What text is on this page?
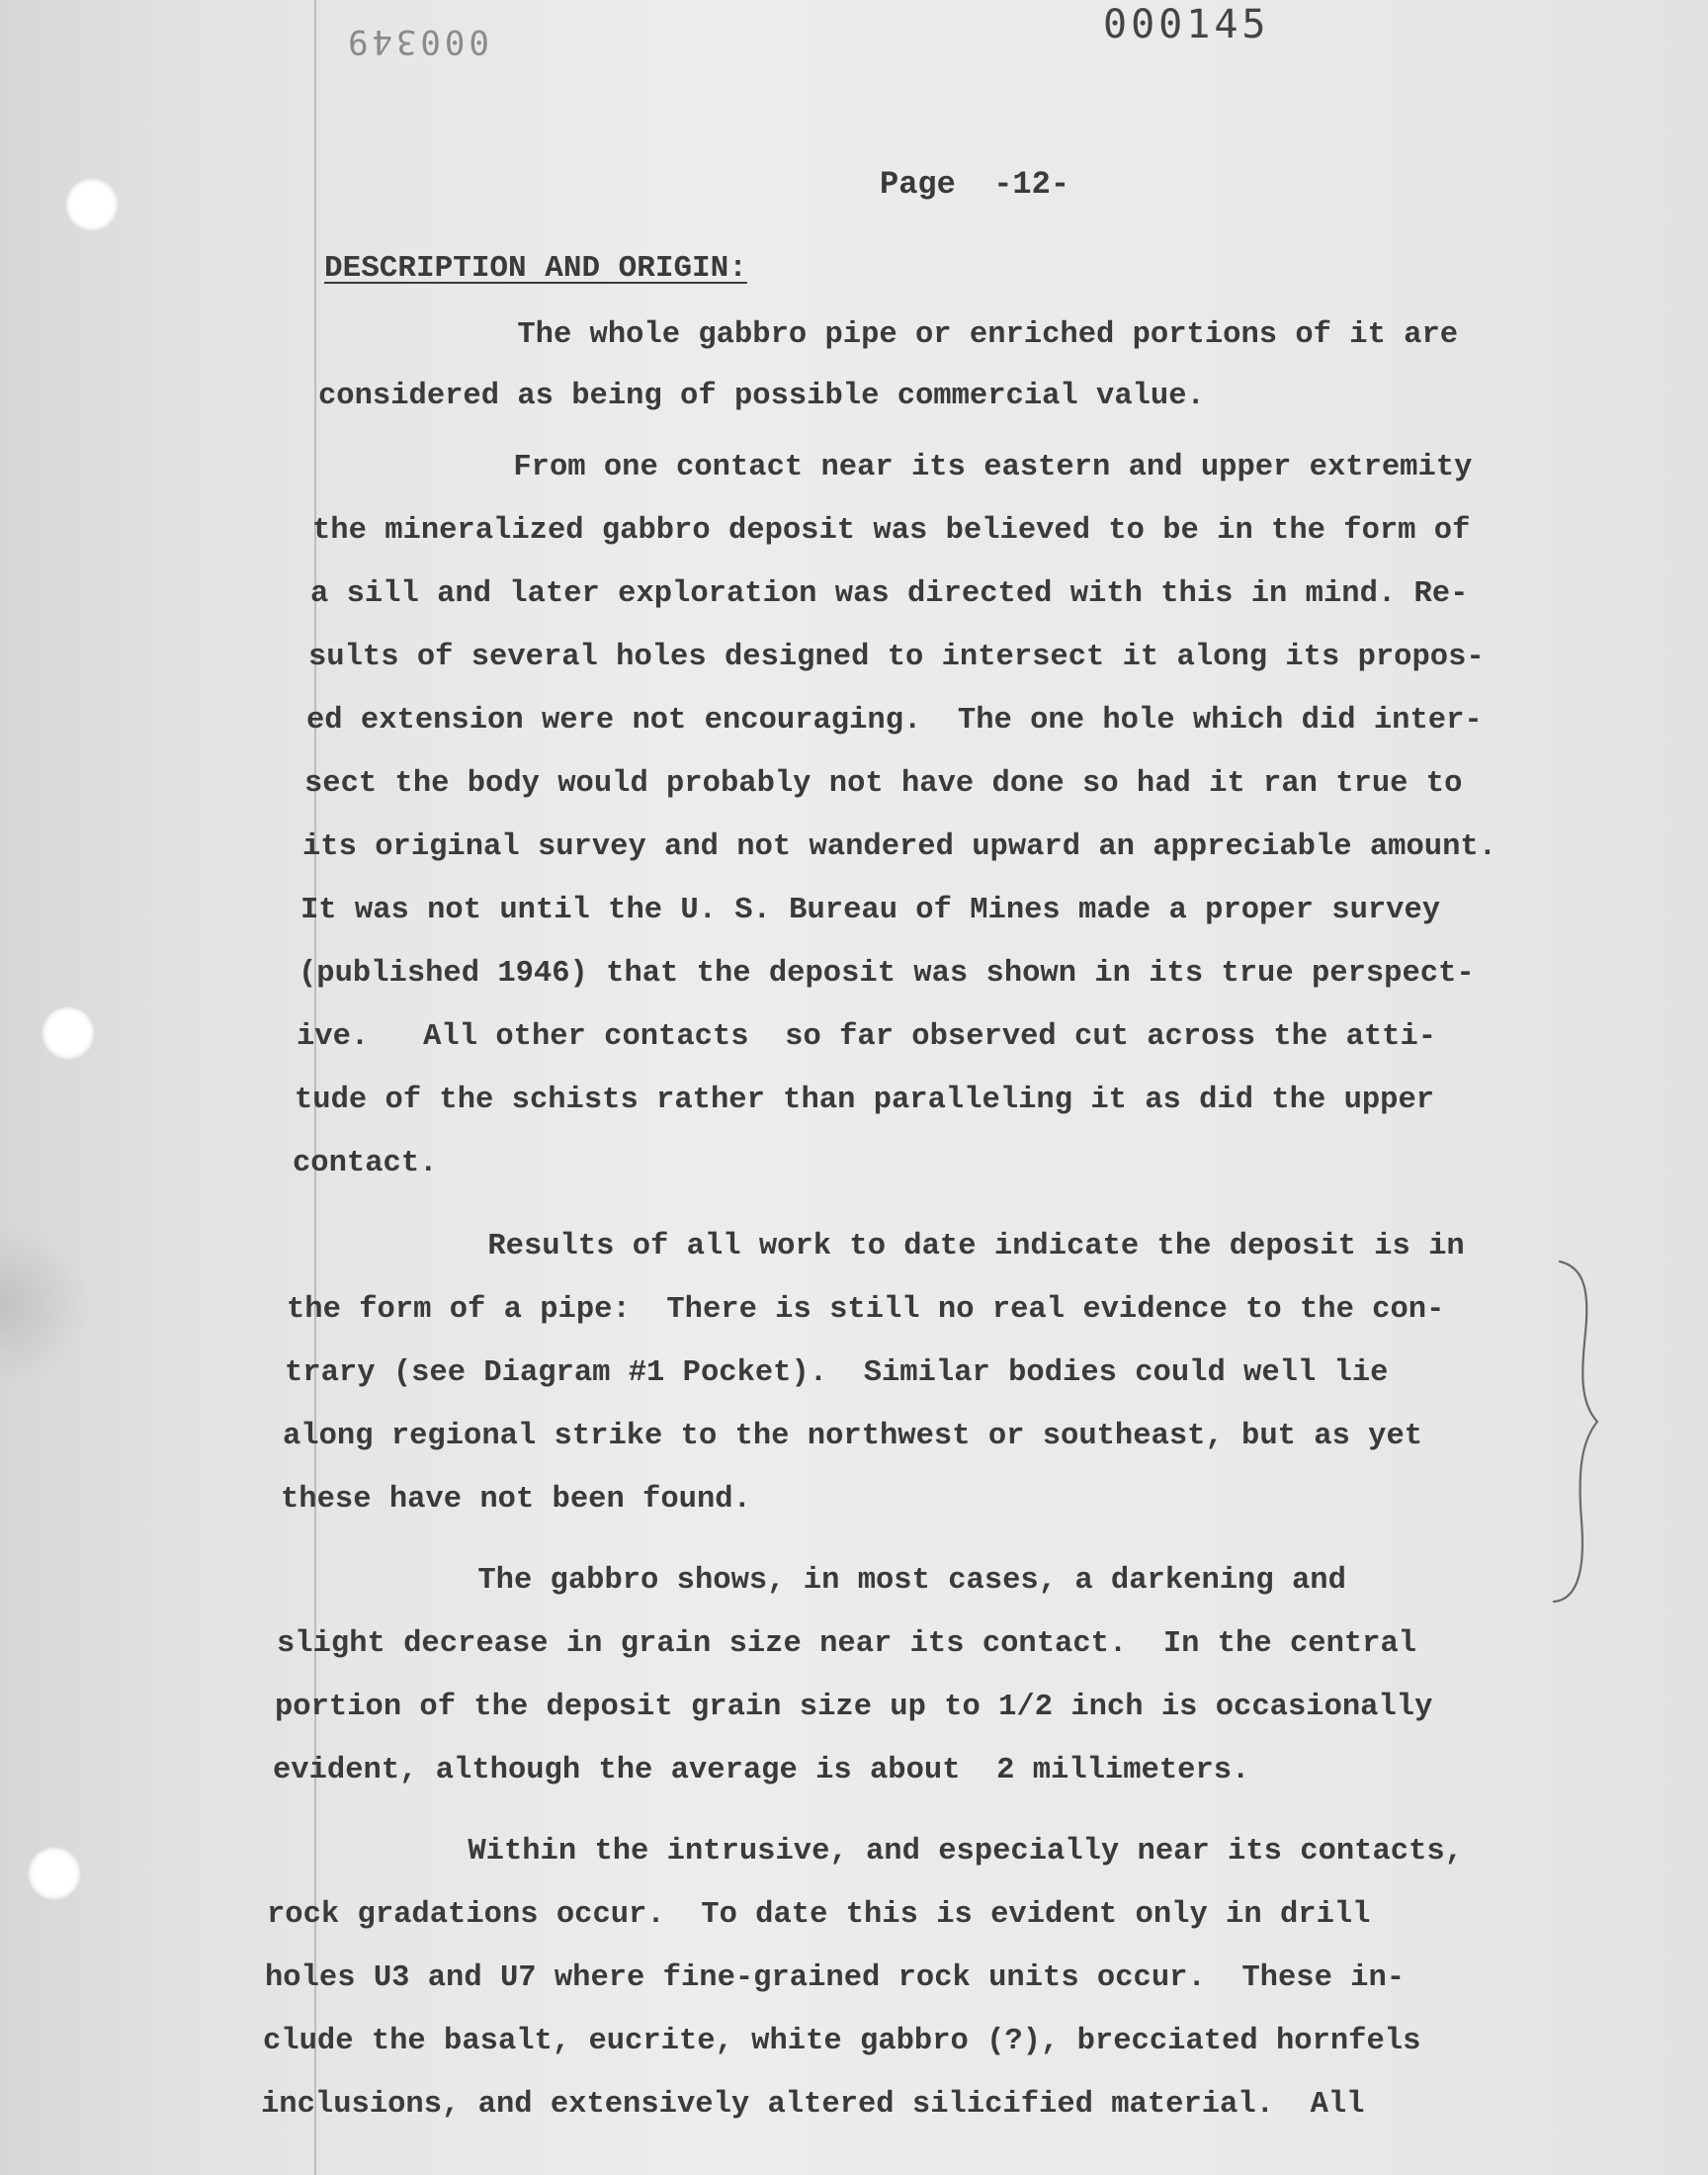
000349	000145
Page  -12-
DESCRIPTION AND ORIGIN:
The whole gabbro pipe or enriched portions of it are
considered as being of possible commercial value.
From one contact near its eastern and upper extremity
the mineralized gabbro deposit was believed to be in the form of
a sill and later exploration was directed with this in mind. Re-
sults of several holes designed to intersect it along its propos-
ed extension were not encouraging.  The one hole which did inter-
sect the body would probably not have done so had it ran true to
its original survey and not wandered upward an appreciable amount.
It was not until the U. S. Bureau of Mines made a proper survey
(published 1946) that the deposit was shown in its true perspect-
ive.   All other contacts  so far observed cut across the atti-
tude of the schists rather than paralleling it as did the upper
contact.
Results of all work to date indicate the deposit is in
the form of a pipe:  There is still no real evidence to the con-
trary (see Diagram #1 Pocket).  Similar bodies could well lie
along regional strike to the northwest or southeast, but as yet
these have not been found.
The gabbro shows, in most cases, a darkening and
slight decrease in grain size near its contact.  In the central
portion of the deposit grain size up to 1/2 inch is occasionally
evident, although the average is about  2 millimeters.
Within the intrusive, and especially near its contacts,
rock gradations occur.  To date this is evident only in drill
holes U3 and U7 where fine-grained rock units occur.  These in-
clude the basalt, eucrite, white gabbro (?), brecciated hornfels
inclusions, and extensively altered silicified material.  All
